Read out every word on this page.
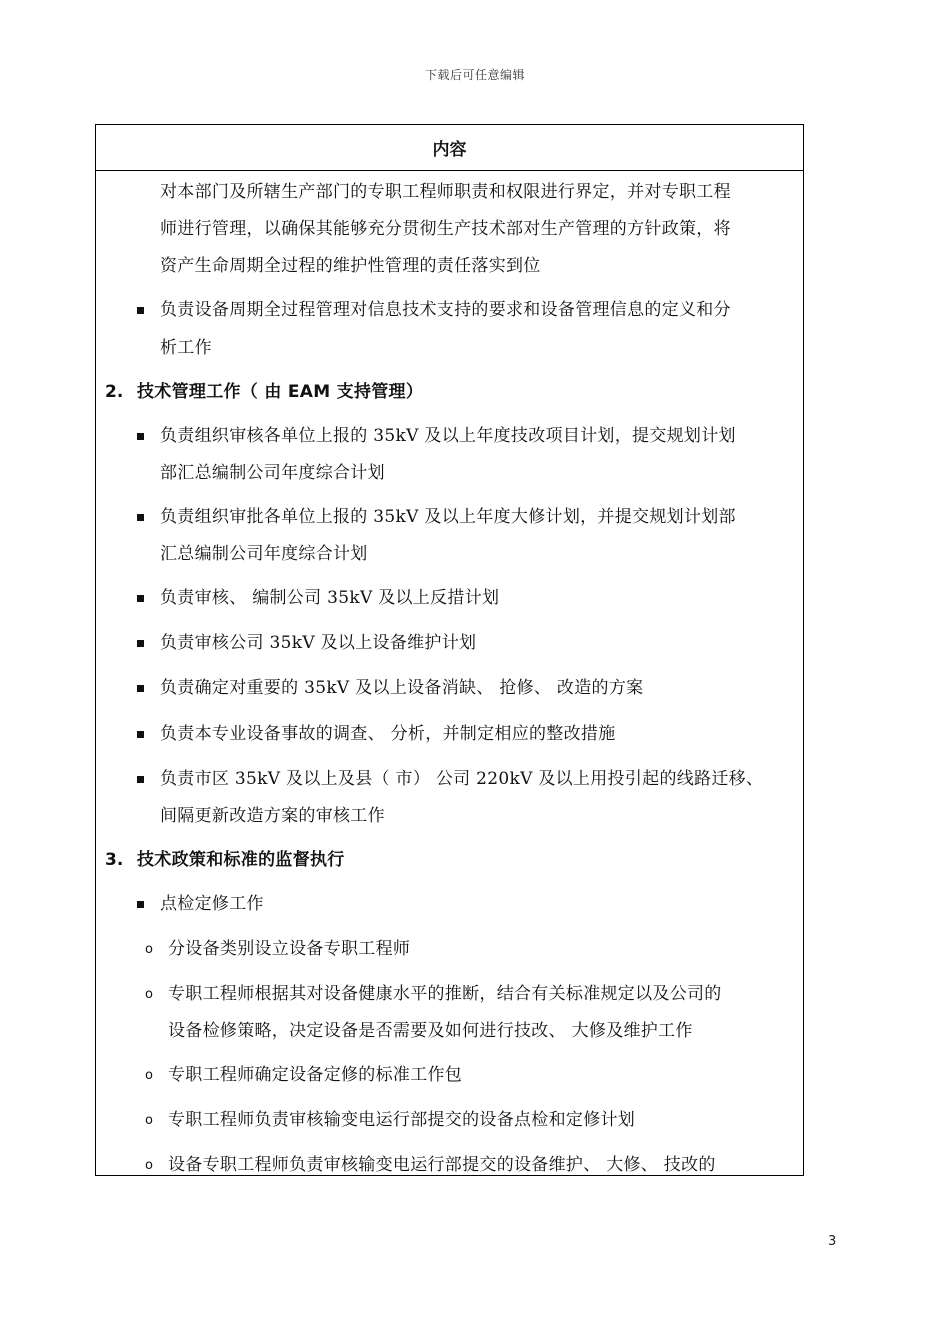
下载后可任意编辑
内容
对本部门及所辖生产部门的专职工程师职责和权限进行界定，并对专职工程
师进行管理，以确保其能够充分贯彻生产技术部对生产管理的方针政策，将
资产生命周期全过程的维护性管理的责任落实到位
负责设备周期全过程管理对信息技术支持的要求和设备管理信息的定义和分
析工作
2. 技术管理工作（ 由 EAM 支持管理）
负责组织审核各单位上报的 35kV 及以上年度技改项目计划，提交规划计划
部汇总编制公司年度综合计划
负责组织审批各单位上报的 35kV 及以上年度大修计划，并提交规划计划部
汇总编制公司年度综合计划
负责审核、 编制公司 35kV 及以上反措计划
负责审核公司 35kV 及以上设备维护计划
负责确定对重要的 35kV 及以上设备消缺、 抢修、 改造的方案
负责本专业设备事故的调查、 分析，并制定相应的整改措施
负责市区 35kV 及以上及县（ 市） 公司 220kV 及以上用投引起的线路迁移、
间隔更新改造方案的审核工作
3. 技术政策和标准的监督执行
点检定修工作
o 分设备类别设立设备专职工程师
o 专职工程师根据其对设备健康水平的推断，结合有关标准规定以及公司的
设备检修策略，决定设备是否需要及如何进行技改、 大修及维护工作
o 专职工程师确定设备定修的标准工作包
o 专职工程师负责审核输变电运行部提交的设备点检和定修计划
o 设备专职工程师负责审核输变电运行部提交的设备维护、 大修、 技改的
3
